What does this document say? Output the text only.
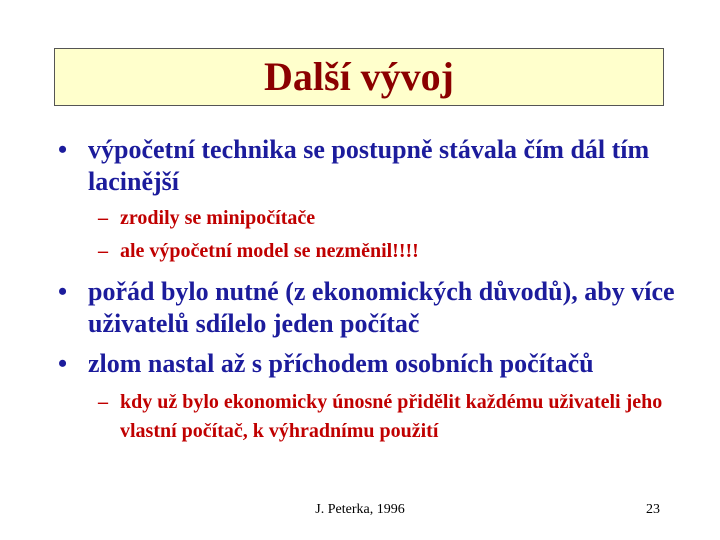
Další vývoj
• výpočetní technika se postupně stávala čím dál tím lacinější
– zrodily se minipočítače
– ale výpočetní model se nezměnil!!!!
• pořád bylo nutné (z ekonomických důvodů), aby více uživatelů sdílelo jeden počítač
• zlom nastal až s příchodem osobních počítačů
– kdy už bylo ekonomicky únosné přidělit každému uživateli jeho vlastní počítač, k výhradnímu použití
J. Peterka, 1996	23
